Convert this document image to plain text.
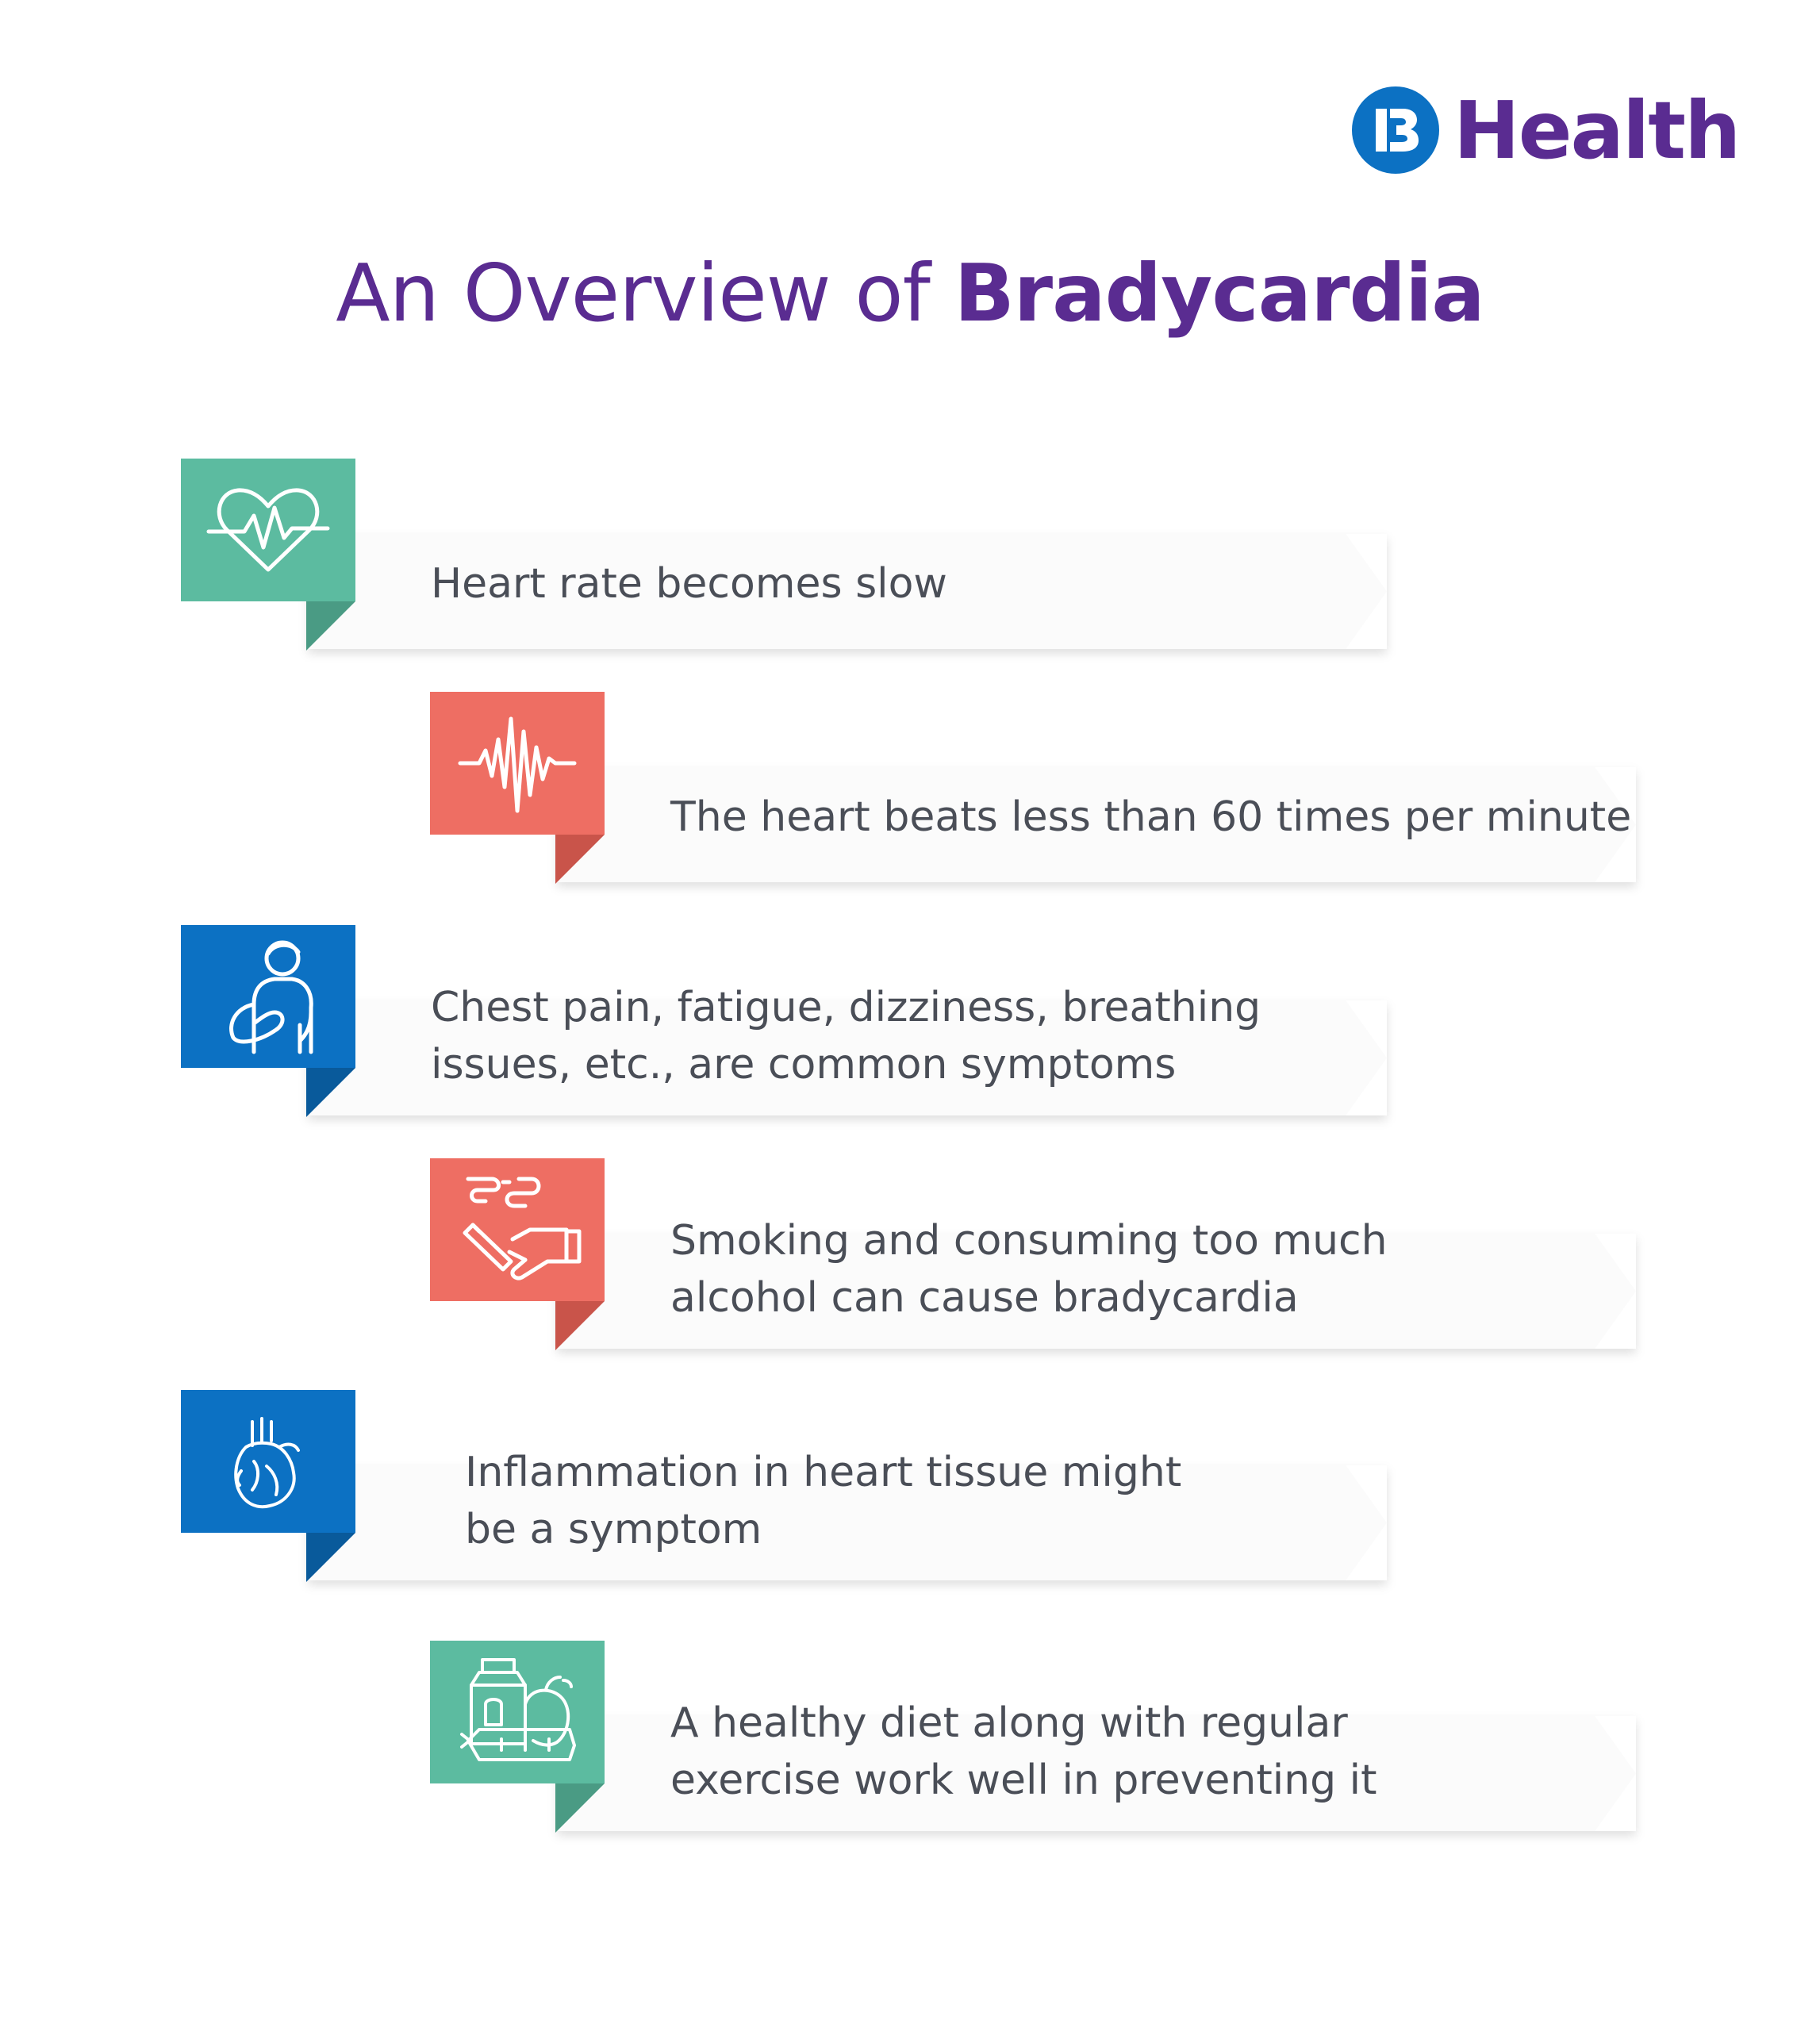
Health
An Overview of Bradycardia
Heart rate becomes slow
The heart beats less than 60 times per minute
Chest pain, fatigue, dizziness, breathing
issues, etc., are common symptoms
Smoking and consuming too much
alcohol can cause bradycardia
Inflammation in heart tissue might
be a symptom
A healthy diet along with regular
exercise work well in preventing it
